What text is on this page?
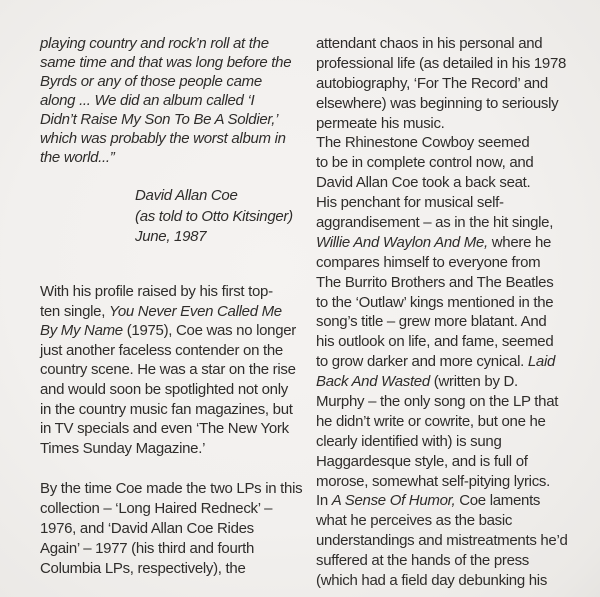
playing country and rock’n roll at the
same time and that was long before the
Byrds or any of those people came
along ... We did an album called ‘I
Didn’t Raise My Son To Be A Soldier,’
which was probably the worst album in
the world...”
David Allan Coe
(as told to Otto Kitsinger)
June, 1987
With his profile raised by his first top-
ten single, You Never Even Called Me
By My Name (1975), Coe was no longer
just another faceless contender on the
country scene. He was a star on the rise
and would soon be spotlighted not only
in the country music fan magazines, but
in TV specials and even ‘The New York
Times Sunday Magazine.’
By the time Coe made the two LPs in this
collection – ‘Long Haired Redneck’ –
1976, and ‘David Allan Coe Rides
Again’ – 1977 (his third and fourth
Columbia LPs, respectively), the
attendant chaos in his personal and
professional life (as detailed in his 1978
autobiography, ‘For The Record’ and
elsewhere) was beginning to seriously
permeate his music.
The Rhinestone Cowboy seemed
to be in complete control now, and
David Allan Coe took a back seat.
His penchant for musical self-
aggrandisement – as in the hit single,
Willie And Waylon And Me, where he
compares himself to everyone from
The Burrito Brothers and The Beatles
to the ‘Outlaw’ kings mentioned in the
song’s title – grew more blatant. And
his outlook on life, and fame, seemed
to grow darker and more cynical. Laid
Back And Wasted (written by D.
Murphy – the only song on the LP that
he didn’t write or cowrite, but one he
clearly identified with) is sung
Haggardesque style, and is full of
morose, somewhat self-pitying lyrics.
In A Sense Of Humor, Coe laments
what he perceives as the basic
understandings and mistreatments he’d
suffered at the hands of the press
(which had a field day debunking his
